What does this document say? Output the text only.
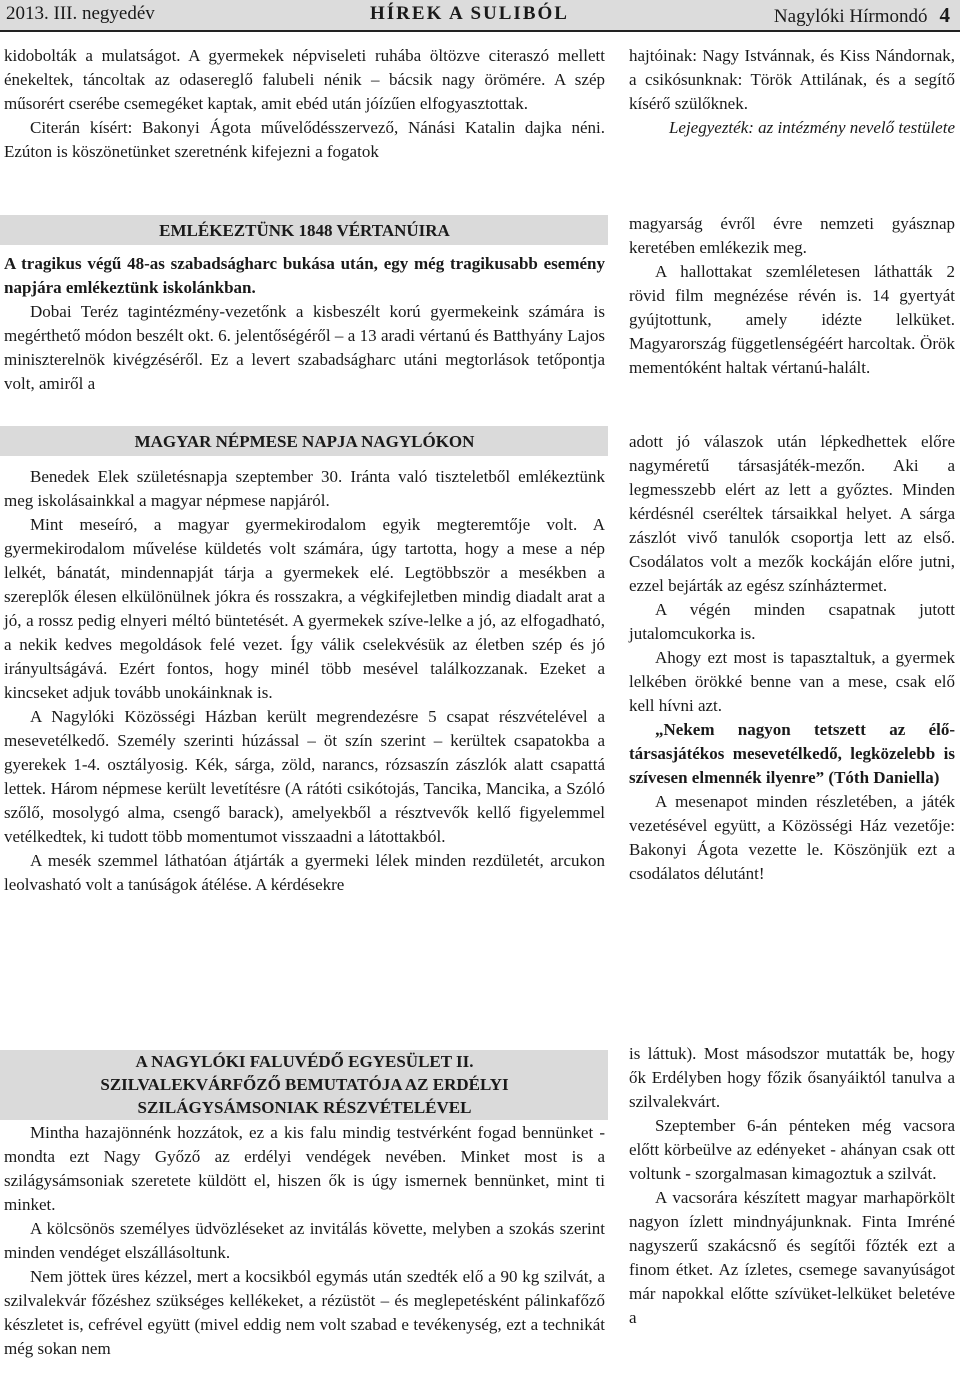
2013. III. negyedév	HÍREK A SULIBÓL	Nagylóki Hírmondó 4

kidobolták a mulatságot. A gyermekek népviseleti ruhába öltözve citeraszó mellett énekeltek, táncoltak az odasereglő falubeli nénik – bácsik nagy örömére. A szép műsorért cserébe csemegéket kaptak, amit ebéd után jóízűen elfogyasztottak.

Citerán kísért: Bakonyi Ágota művelődésszervező, Nánási Katalin dajka néni. Ezúton is köszönetünket szeretnénk kifejezni a fogatok

hajtóinak: Nagy Istvánnak, és Kiss Nándornak, a csikósunknak: Török Attilának, és a segítő kísérő szülőknek.

Lejegyezték: az intézmény nevelő testülete

EMLÉKEZTÜNK 1848 VÉRTANÚIRA

A tragikus végű 48-as szabadságharc bukása után, egy még tragikusabb esemény napjára emlékeztünk iskolánkban.

Dobai Teréz tagintézmény-vezetőnk a kisbeszélt korú gyermekeink számára is megérthető módon beszélt okt. 6. jelentőségéről – a 13 aradi vértanú és Batthyány Lajos miniszterelnök kivégzéséről. Ez a levert szabadságharc utáni megtorlások tetőpontja volt, amiről a

magyarság évről évre nemzeti gyásznap keretében emlékezik meg.

A hallottakat szemléletesen láthatták 2 rövid film megnézése révén is. 14 gyertyát gyújtottunk, amely idézte lelküket. Magyarország függetlenségéért harcoltak. Örök mementóként haltak vértanú-halált.

MAGYAR NÉPMESE NAPJA NAGYLÓKON

Benedek Elek születésnapja szeptember 30. Iránta való tiszteletből emlékeztünk meg iskolásainkkal a magyar népmese napjáról.

Mint meseíró, a magyar gyermekirodalom egyik megteremtője volt. A gyermekirodalom művelése küldetés volt számára, úgy tartotta, hogy a mese a nép lelkét, bánatát, mindennapját tárja a gyermekek elé. Legtöbbször a mesékben a szereplők élesen elkülönülnek jókra és rosszakra, a végkifejletben mindig diadalt arat a jó, a rossz pedig elnyeri méltó büntetését. A gyermekek szíve-lelke a jó, az elfogadható, a nekik kedves megoldások felé vezet. Így válik cselekvésük az életben szép és jó irányultságává. Ezért fontos, hogy minél több mesével találkozzanak. Ezeket a kincseket adjuk tovább unokáinknak is.

A Nagylóki Közösségi Házban került megrendezésre 5 csapat részvételével a mesevetélkedő. Személy szerinti húzással – öt szín szerint – kerültek csapatokba a gyerekek 1-4. osztályosig. Kék, sárga, zöld, narancs, rózsaszín zászlók alatt csapattá lettek. Három népmese került levetítésre (A rátóti csikótojás, Tancika, Mancika, a Szóló szőlő, mosolygó alma, csengő barack), amelyekből a résztvevők kellő figyelemmel vetélkedtek, ki tudott több momentumot visszaadni a látottakból.

A mesék szemmel láthatóan átjárták a gyermeki lélek minden rezdületét, arcukon leolvasható volt a tanúságok átélése. A kérdésekre

adott jó válaszok után lépkedhettek előre nagyméretű társasjáték-mezőn. Aki a legmesszebb elért az lett a győztes. Minden kérdésnél cseréltek társaikkal helyet. A sárga zászlót vivő tanulók csoportja lett az első. Csodálatos volt a mezők kockáján előre jutni, ezzel bejárták az egész színháztermet.

A végén minden csapatnak jutott jutalomcukorka is.

Ahogy ezt most is tapasztaltuk, a gyermek lelkében örökké benne van a mese, csak elő kell hívni azt.

„Nekem nagyon tetszett az élő-társasjátékos mesevetélkedő, legközelebb is szívesen elmennék ilyenre” (Tóth Daniella)

A mesenapot minden részletében, a játék vezetésével együtt, a Közösségi Ház vezetője: Bakonyi Ágota vezette le. Köszönjük ezt a csodálatos délutánt!

A NAGYLÓKI FALUVÉDŐ EGYESÜLET II. SZILVALEKVÁRFŐZŐ BEMUTATÓJA AZ ERDÉLYI SZILÁGYSÁMSONIAK RÉSZVÉTELÉVEL

Mintha hazajönnénk hozzátok, ez a kis falu mindig testvérként fogad bennünket - mondta ezt Nagy Győző az erdélyi vendégek nevében. Minket most is a szilágysámsoniak szeretete küldött el, hiszen ők is úgy ismernek bennünket, mint ti minket.

A kölcsönös személyes üdvözléseket az invitálás követte, melyben a szokás szerint minden vendéget elszállásoltunk.

Nem jöttek üres kézzel, mert a kocsikból egymás után szedték elő a 90 kg szilvát, a szilvalekvár főzéshez szükséges kellékeket, a rézüstöt – és meglepetésként pálinkafőző készletet is, cefrével együtt (mivel eddig nem volt szabad e tevékenység, ezt a technikát még sokan nem

is láttuk). Most másodszor mutatták be, hogy ők Erdélyben hogy főzik ősanyáiktól tanulva a szilvalekvárt.

Szeptember 6-án pénteken még vacsora előtt körbeülve az edényeket - ahányan csak ott voltunk - szorgalmasan kimagoztuk a szilvát.

A vacsorára készített magyar marhapörkölt nagyon ízlett mindnyájunknak. Finta Imréné nagyszerű szakácsnő és segítői főzték ezt a finom étket. Az ízletes, csemege savanyúságot már napokkal előtte szívüket-lelküket beletéve a
